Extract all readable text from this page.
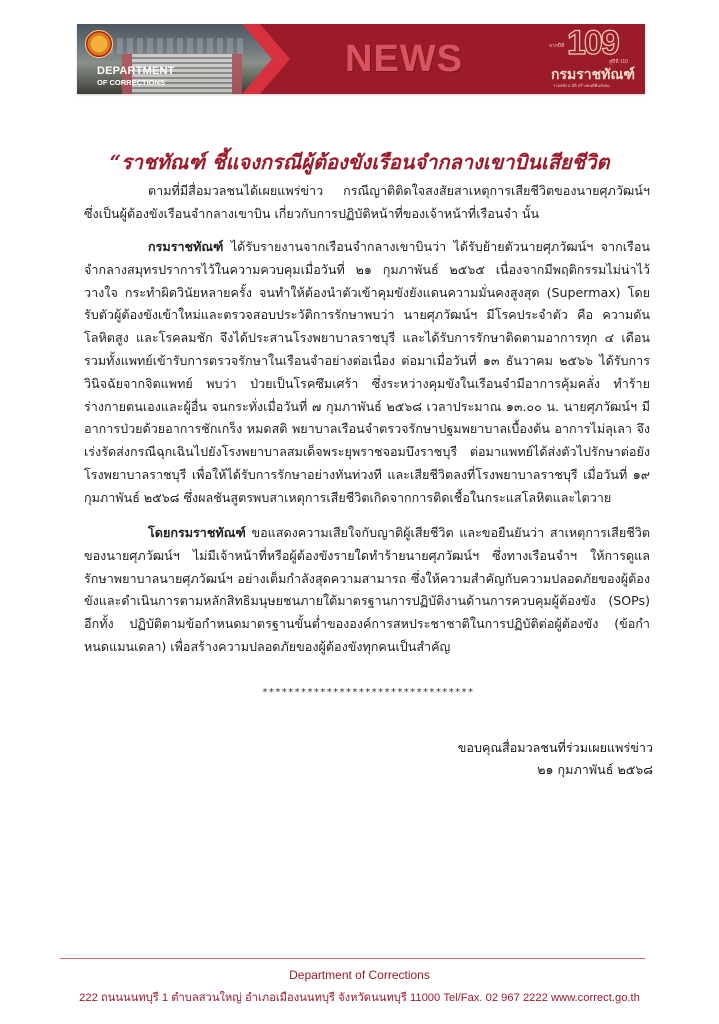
DEPARTMENT
OF CORRECTIONS
NEWS	จากปีที่ 109
สู่ปีที่ 110
กรมราชทัณฑ์
รวมพลัง 8 มิติ สร้างคนดีคืนสังคม
“ราชทัณฑ์ ชี้แจงกรณีผู้ต้องขังเรือนจำกลางเขาบินเสียชีวิต

ตามที่มีสื่อมวลชนได้เผยแพร่ข่าว กรณีญาติติดใจสงสัยสาเหตุการเสียชีวิตของนายศุภวัฒน์ฯ ซึ่งเป็นผู้ต้องขังเรือนจำกลางเขาบิน เกี่ยวกับการปฏิบัติหน้าที่ของเจ้าหน้าที่เรือนจำ นั้น

กรมราชทัณฑ์ ได้รับรายงานจากเรือนจำกลางเขาบินว่า ได้รับย้ายตัวนายศุภวัฒน์ฯ จากเรือนจำกลางสมุทรปราการไว้ในความควบคุมเมื่อวันที่ ๒๑ กุมภาพันธ์ ๒๕๖๕ เนื่องจากมีพฤติกรรมไม่น่าไว้วางใจ กระทำผิดวินัยหลายครั้ง จนทำให้ต้องนำตัวเข้าคุมขังยังแดนความมั่นคงสูงสุด (Supermax) โดยรับตัวผู้ต้องขังเข้าใหม่และตรวจสอบประวัติการรักษาพบว่า นายศุภวัฒน์ฯ มีโรคประจำตัว คือ ความดันโลหิตสูง และโรคลมชัก จึงได้ประสานโรงพยาบาลราชบุรี และได้รับการรักษาติดตามอาการทุก ๔ เดือน รวมทั้งแพทย์เข้ารับการตรวจรักษาในเรือนจำอย่างต่อเนื่อง ต่อมาเมื่อวันที่ ๑๓ ธันวาคม ๒๕๖๖ ได้รับการวินิจฉัยจากจิตแพทย์ พบว่า ป่วยเป็นโรคซึมเศร้า ซึ่งระหว่างคุมขังในเรือนจำมีอาการคุ้มคลั่ง ทำร้ายร่างกายตนเองและผู้อื่น จนกระทั่งเมื่อวันที่ ๗ กุมภาพันธ์ ๒๕๖๘ เวลาประมาณ ๑๓.๐๐ น. นายศุภวัฒน์ฯ มีอาการป่วยด้วยอาการชักเกร็ง หมดสติ พยาบาลเรือนจำตรวจรักษาปฐมพยาบาลเบื้องต้น อาการไม่ลุเลา จึงเร่งรัดส่งกรณีฉุกเฉินไปยังโรงพยาบาลสมเด็จพระยุพราชจอมบึงราชบุรี ต่อมาแพทย์ได้ส่งตัวไปรักษาต่อยังโรงพยาบาลราชบุรี เพื่อให้ได้รับการรักษาอย่างทันท่วงที และเสียชีวิตลงที่โรงพยาบาลราชบุรี เมื่อวันที่ ๑๙ กุมภาพันธ์ ๒๕๖๘ ซึ่งผลชันสูตรพบสาเหตุการเสียชีวิตเกิดจากการติดเชื้อในกระแสโลหิตและไตวาย

โดยกรมราชทัณฑ์ ขอแสดงความเสียใจกับญาติผู้เสียชีวิต และขอยืนยันว่า สาเหตุการเสียชีวิตของนายศุภวัฒน์ฯ ไม่มีเจ้าหน้าที่หรือผู้ต้องขังรายใดทำร้ายนายศุภวัฒน์ฯ ซึ่งทางเรือนจำฯ ให้การดูแลรักษาพยาบาลนายศุภวัฒน์ฯ อย่างเต็มกำลังสุดความสามารถ ซึ่งให้ความสำคัญกับความปลอดภัยของผู้ต้องขังและดำเนินการตามหลักสิทธิมนุษยชนภายใต้มาตรฐานการปฏิบัติงานด้านการควบคุมผู้ต้องขัง (SOPs) อีกทั้ง ปฏิบัติตามข้อกำหนดมาตรฐานขั้นต่ำขององค์การสหประชาชาติในการปฏิบัติต่อผู้ต้องขัง (ข้อกำหนดแมนเดลา) เพื่อสร้างความปลอดภัยของผู้ต้องขังทุกคนเป็นสำคัญ

*********************************
ขอบคุณสื่อมวลชนที่ร่วมเผยแพร่ข่าว
๒๑ กุมภาพันธ์ ๒๕๖๘
Department of Corrections
222 ถนนนนทบุรี 1 ตำบลสวนใหญ่ อำเภอเมืองนนทบุรี จังหวัดนนทบุรี 11000 Tel/Fax. 02 967 2222 www.correct.go.th
